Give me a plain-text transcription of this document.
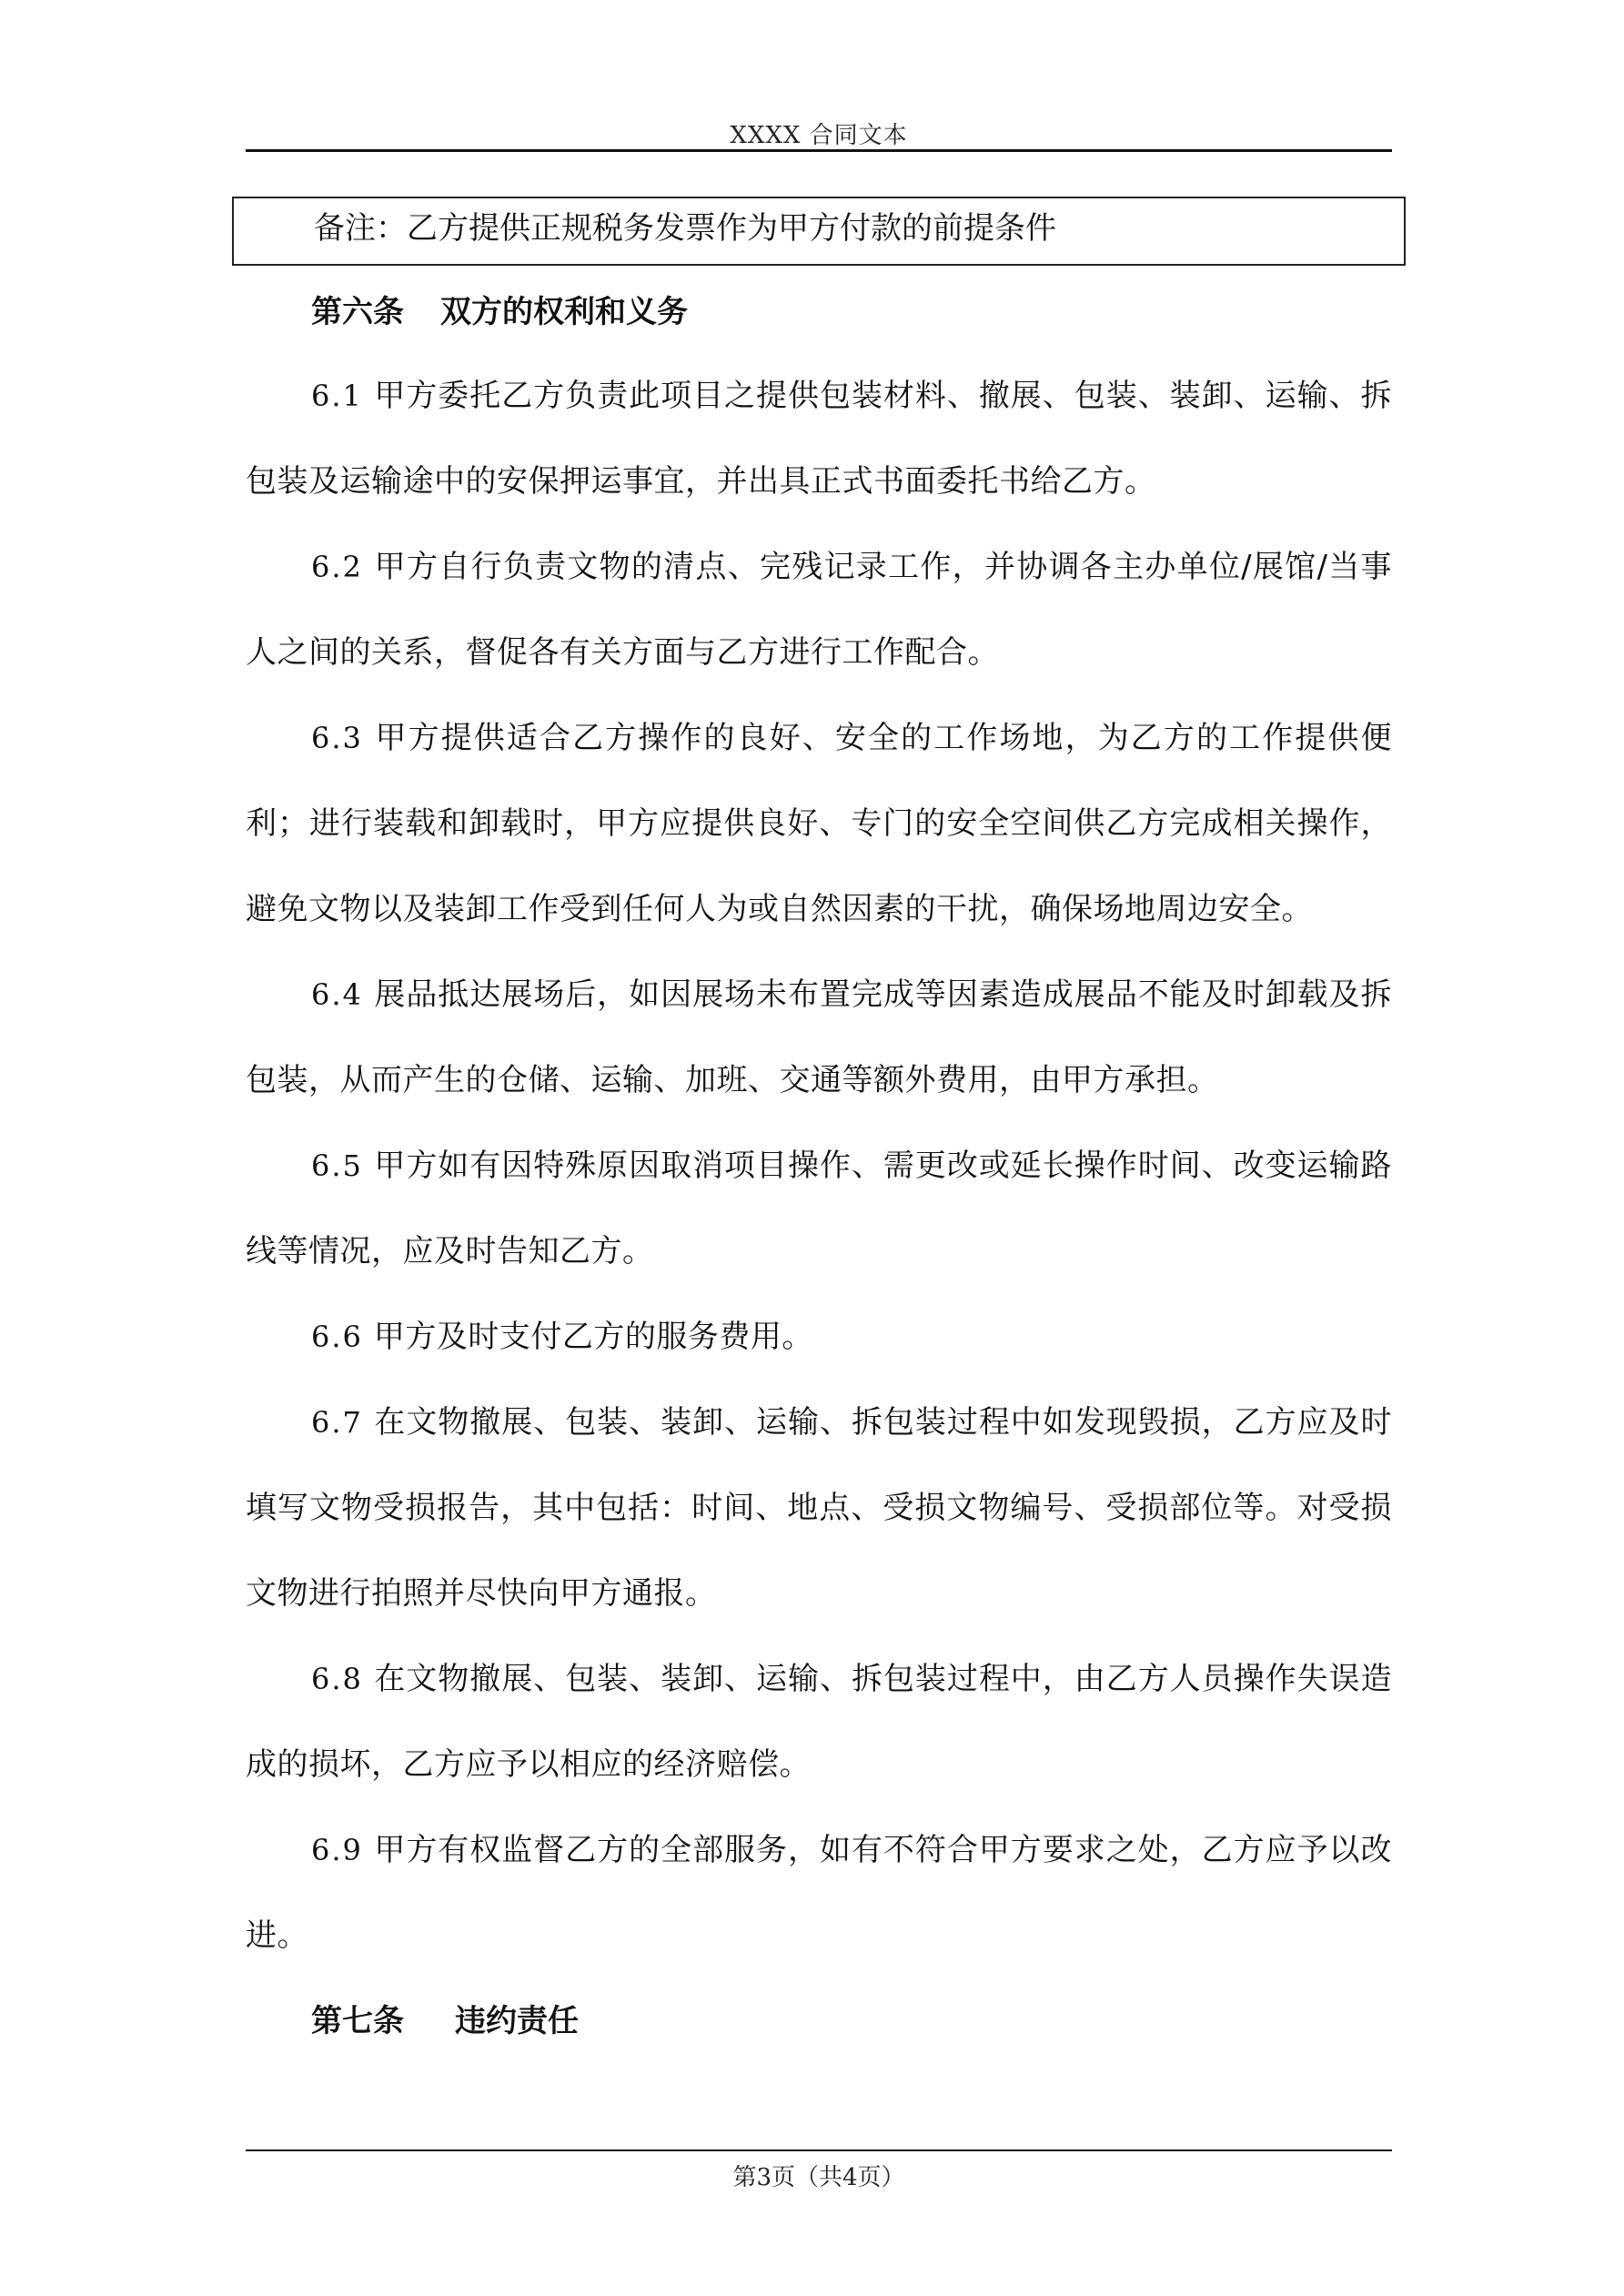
XXXX 合同文本
备注：乙方提供正规税务发票作为甲方付款的前提条件
第六条 双方的权利和义务

6.1 甲方委托乙方负责此项目之提供包装材料、撤展、包装、装卸、运输、拆包装及运输途中的安保押运事宜，并出具正式书面委托书给乙方。

6.2 甲方自行负责文物的清点、完残记录工作，并协调各主办单位/展馆/当事人之间的关系，督促各有关方面与乙方进行工作配合。

6.3 甲方提供适合乙方操作的良好、安全的工作场地，为乙方的工作提供便利；进行装载和卸载时，甲方应提供良好、专门的安全空间供乙方完成相关操作，避免文物以及装卸工作受到任何人为或自然因素的干扰，确保场地周边安全。

6.4 展品抵达展场后，如因展场未布置完成等因素造成展品不能及时卸载及拆包装，从而产生的仓储、运输、加班、交通等额外费用，由甲方承担。

6.5 甲方如有因特殊原因取消项目操作、需更改或延长操作时间、改变运输路线等情况，应及时告知乙方。

6.6 甲方及时支付乙方的服务费用。

6.7 在文物撤展、包装、装卸、运输、拆包装过程中如发现毁损，乙方应及时填写文物受损报告，其中包括：时间、地点、受损文物编号、受损部位等。对受损文物进行拍照并尽快向甲方通报。

6.8 在文物撤展、包装、装卸、运输、拆包装过程中，由乙方人员操作失误造成的损坏，乙方应予以相应的经济赔偿。

6.9 甲方有权监督乙方的全部服务，如有不符合甲方要求之处，乙方应予以改进。

第七条 违约责任
第3页（共4页）
